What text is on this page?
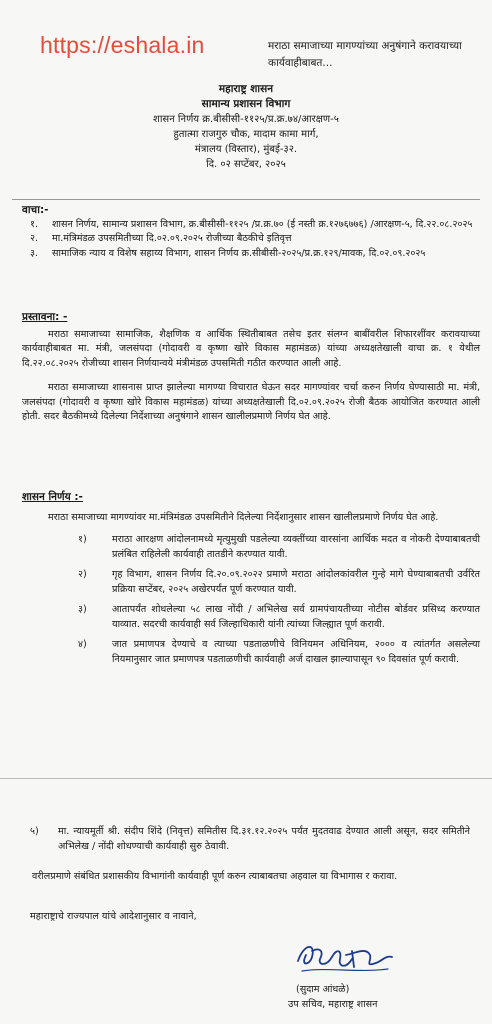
https://eshala.in	मराठा समाजाच्या मागण्यांच्या अनुषंगाने करावयाच्या कार्यवाहीबाबत...
महाराष्ट्र शासन
सामान्य प्रशासन विभाग
शासन निर्णय क्र.बीसीसी-११२५/प्र.क्र.७४/आरक्षण-५
हुतात्मा राजगुरु चौक, मादाम कामा मार्ग,
मंत्रालय (विस्तार), मुंबई-३२.
दि. ०२ सप्टेंबर, २०२५
वाचा:-
१.	शासन निर्णय, सामान्य प्रशासन विभाग, क्र.बीसीसी-११२५ /प्र.क्र.७० (ई नस्ती क्र.१२७६७७६) /आरक्षण-५, दि.२२.०८.२०२५
२.	मा.मंत्रिमंडळ उपसमितीच्या दि.०२.०९.२०२५ रोजीच्या बैठकीचे इतिवृत्त
३.	सामाजिक न्याय व विशेष सहाय्य विभाग, शासन निर्णय क्र.सीबीसी-२०२५/प्र.क्र.१२९/मावक, दि.०२.०९.२०२५
प्रस्तावना: -
मराठा समाजाच्या सामाजिक, शैक्षणिक व आर्थिक स्थितीबाबत तसेच इतर संलग्न बाबींवरील शिफारशींवर करावयाच्या कार्यवाहीबाबत मा. मंत्री, जलसंपदा (गोदावरी व कृष्णा खोरे विकास महामंडळ) यांच्या अध्यक्षतेखाली वाचा क्र. १ येथील दि.२२.०८.२०२५ रोजीच्या शासन निर्णयान्वये मंत्रीमंडळ उपसमिती गठीत करण्यात आली आहे.
मराठा समाजाच्या शासनास प्राप्त झालेल्या मागण्या विचारात घेऊन सदर मागण्यांवर चर्चा करुन निर्णय घेण्यासाठी मा. मंत्री, जलसंपदा (गोदावरी व कृष्णा खोरे विकास महामंडळ) यांच्या अध्यक्षतेखाली दि.०२.०९.२०२५ रोजी बैठक आयोजित करण्यात आली होती. सदर बैठकीमध्ये दिलेल्या निर्देशाच्या अनुषंगाने शासन खालीलप्रमाणे निर्णय घेत आहे.
शासन निर्णय :-
मराठा समाजाच्या मागण्यांवर मा.मंत्रिमंडळ उपसमितीने दिलेल्या निर्देशानुसार शासन खालीलप्रमाणे निर्णय घेत आहे.
१)	मराठा आरक्षण आंदोलनामध्ये मृत्युमुखी पडलेल्या व्यक्तींच्या वारसांना आर्थिक मदत व नोकरी देण्याबाबतची प्रलंबित राहिलेली कार्यवाही तातडीने करण्यात यावी.
२)	गृह विभाग, शासन निर्णय दि.२०.०९.२०२२ प्रमाणे मराठा आंदोलकांवरील गुन्हे मागे घेण्याबाबतची उर्वरित प्रक्रिया सप्टेंबर, २०२५ अखेरपर्यंत पूर्ण करण्यात यावी.
३)	आतापर्यंत शोधलेल्या ५८ लाख नोंदी / अभिलेख सर्व ग्रामपंचायतीच्या नोटीस बोर्डवर प्रसिध्द करण्यात याव्यात. सदरची कार्यवाही सर्व जिल्हाधिकारी यांनी त्यांच्या जिल्ह्यात पूर्ण करावी.
४)	जात प्रमाणपत्र देण्याचे व त्याच्या पडताळणीचे विनियमन अधिनियम, २००० व त्यांतर्गत असलेल्या नियमानुसार जात प्रमाणपत्र पडताळणीची कार्यवाही अर्ज दाखल झाल्यापासून ९० दिवसांत पूर्ण करावी.
५)	मा. न्यायमूर्ती श्री. संदीप शिंदे (निवृत्त) समितीस दि.३१.१२.२०२५ पर्यंत मुदतवाढ देण्यात आली असून, सदर समितीने अभिलेख / नोंदी शोधण्याची कार्यवाही सुरु ठेवावी.
वरीलप्रमाणे संबंधित प्रशासकीय विभागांनी कार्यवाही पूर्ण करुन त्याबाबतचा अहवाल या विभागास र करावा.
महाराष्ट्राचे राज्यपाल यांचे आदेशानुसार व नावाने,
(सुदाम आंधळे)
उप सचिव, महाराष्ट्र शासन
